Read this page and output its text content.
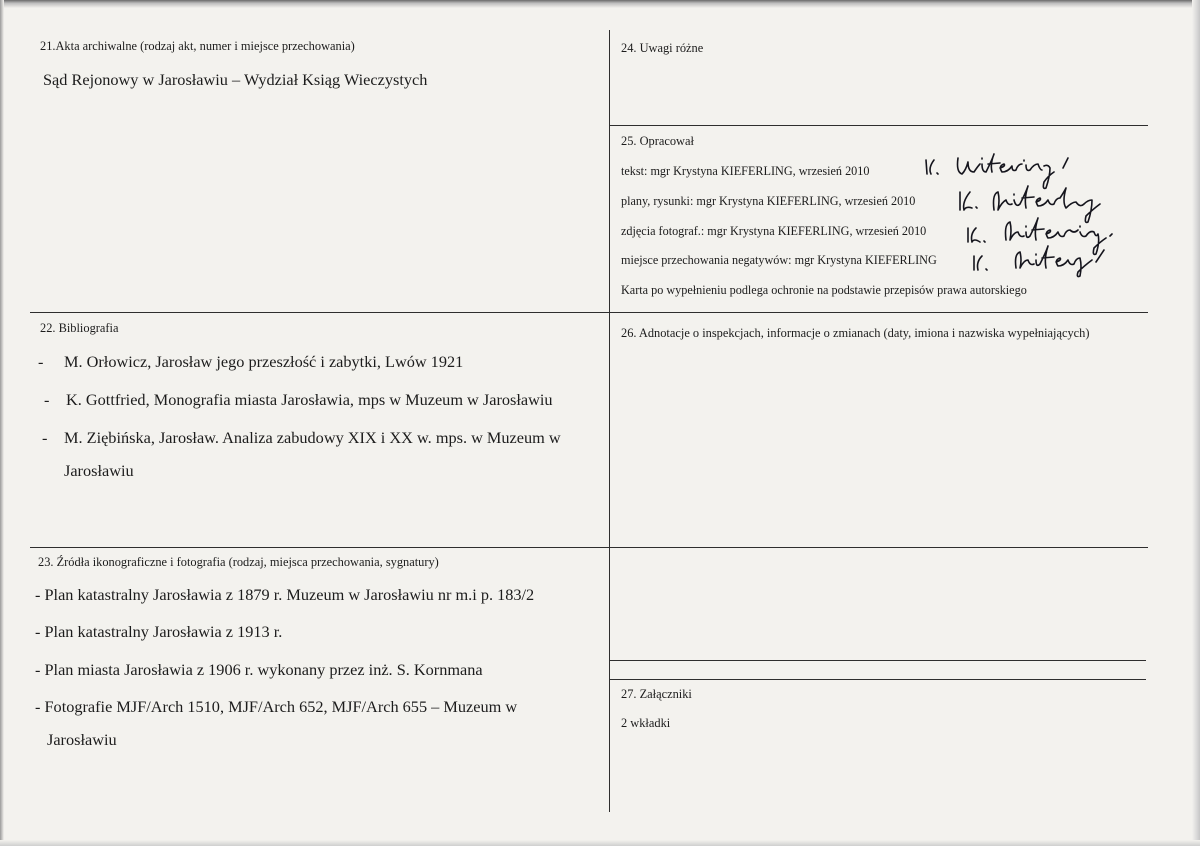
21.Akta archiwalne (rodzaj akt, numer i miejsce przechowania)
Sąd Rejonowy w Jarosławiu – Wydział Ksiąg Wieczystych
22. Bibliografia
- M. Orłowicz, Jarosław jego przeszłość i zabytki, Lwów 1921
- K. Gottfried, Monografia miasta Jarosławia, mps w Muzeum w Jarosławiu
- M. Ziębińska, Jarosław. Analiza zabudowy XIX i XX w. mps. w Muzeum w
Jarosławiu
23. Źródła ikonograficzne i fotografia (rodzaj, miejsca przechowania, sygnatury)
- Plan katastralny Jarosławia z 1879 r. Muzeum w Jarosławiu nr m.i p. 183/2
- Plan katastralny Jarosławia z 1913 r.
- Plan miasta Jarosławia z 1906 r. wykonany przez inż. S. Kornmana
- Fotografie MJF/Arch 1510, MJF/Arch 652, MJF/Arch 655 – Muzeum w
Jarosławiu
24. Uwagi różne
25. Opracował
tekst: mgr Krystyna KIEFERLING, wrzesień 2010
plany, rysunki: mgr Krystyna KIEFERLING, wrzesień 2010
zdjęcia fotograf.: mgr Krystyna KIEFERLING, wrzesień 2010
miejsce przechowania negatywów: mgr Krystyna KIEFERLING
Karta po wypełnieniu podlega ochronie na podstawie przepisów prawa autorskiego
26. Adnotacje o inspekcjach, informacje o zmianach (daty, imiona i nazwiska wypełniających)
27. Załączniki
2 wkładki
